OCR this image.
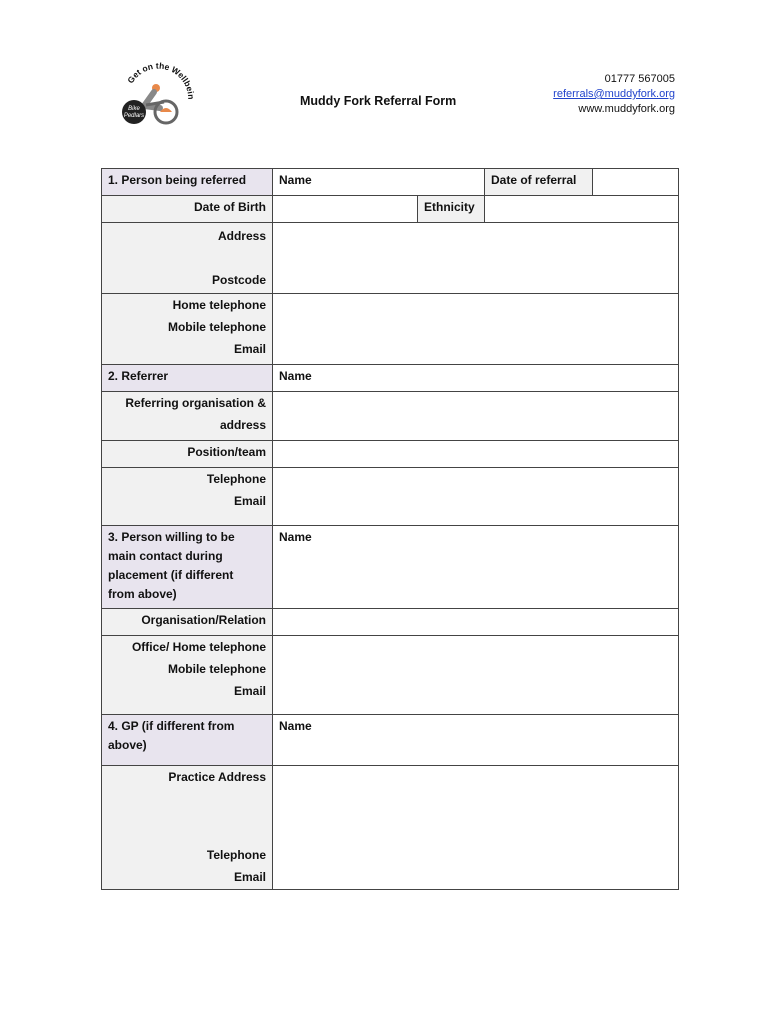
Get on the Wellbein
Bike
Pedlars
Muddy Fork Referral Form
01777 567005
referrals@muddyfork.org
www.muddyfork.org
1. Person being referred	Name		Date of referral	
Date of Birth		Ethnicity		

Address
Postcode				

Home telephone
Mobile telephone
Email				

2. Referrer	Name			

Referring organisation &
address				

Position/team				

Telephone
Email				

3. Person willing to be
main contact during
placement (if different
from above)	Name			
Organisation/Relation				

Office/ Home telephone
Mobile telephone
Email				

4. GP (if different from
above)	Name			

Practice Address
Telephone
Email				
